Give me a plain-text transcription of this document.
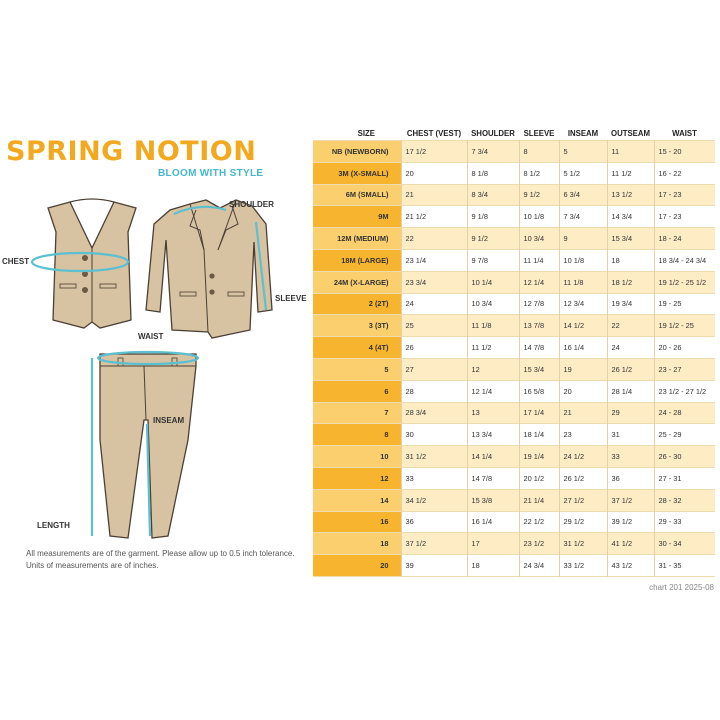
SPRING NOTION
BLOOM WITH STYLE
SHOULDER
CHEST
SLEEVE
WAIST
INSEAM
LENGTH
All measurements are of the garment. Please allow up to 0.5 inch tolerance.
Units of measurements are of inches.
SIZE	CHEST (VEST)	SHOULDER	SLEEVE	INSEAM	OUTSEAM	WAIST
NB (NEWBORN)	17 1/2	7 3/4	8	5	11	15 - 20
3M (X-SMALL)	20	8 1/8	8 1/2	5 1/2	11 1/2	16 - 22
6M (SMALL)	21	8 3/4	9 1/2	6 3/4	13 1/2	17 - 23
9M	21 1/2	9 1/8	10 1/8	7 3/4	14 3/4	17 - 23
12M (MEDIUM)	22	9 1/2	10 3/4	9	15 3/4	18 - 24
18M (LARGE)	23 1/4	9 7/8	11 1/4	10 1/8	18	18 3/4 - 24 3/4
24M (X-LARGE)	23 3/4	10 1/4	12 1/4	11 1/8	18 1/2	19 1/2 - 25 1/2
2 (2T)	24	10 3/4	12 7/8	12 3/4	19 3/4	19 - 25
3 (3T)	25	11 1/8	13 7/8	14 1/2	22	19 1/2 - 25
4 (4T)	26	11 1/2	14 7/8	16 1/4	24	20 - 26
5	27	12	15 3/4	19	26 1/2	23 - 27
6	28	12 1/4	16 5/8	20	28 1/4	23 1/2 - 27 1/2
7	28 3/4	13	17 1/4	21	29	24 - 28
8	30	13 3/4	18 1/4	23	31	25 - 29
10	31 1/2	14 1/4	19 1/4	24 1/2	33	26 - 30
12	33	14 7/8	20 1/2	26 1/2	36	27 - 31
14	34 1/2	15 3/8	21 1/4	27 1/2	37 1/2	28 - 32
16	36	16 1/4	22 1/2	29 1/2	39 1/2	29 - 33
18	37 1/2	17	23 1/2	31 1/2	41 1/2	30 - 34
20	39	18	24 3/4	33 1/2	43 1/2	31 - 35
chart 201 2025-08
